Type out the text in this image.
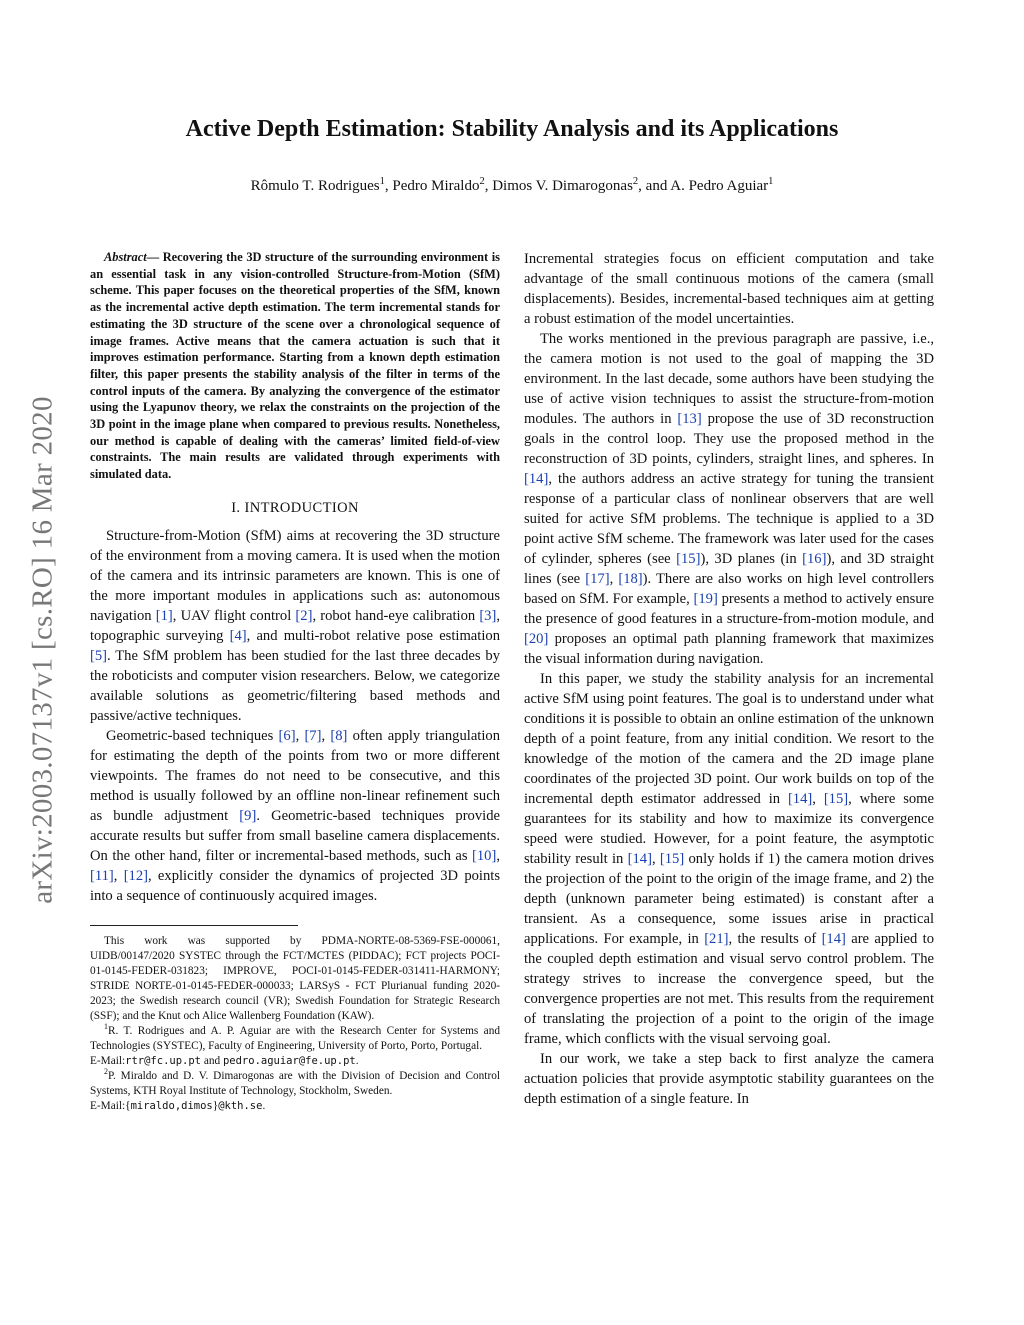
arXiv:2003.07137v1 [cs.RO] 16 Mar 2020
Active Depth Estimation: Stability Analysis and its Applications
Rômulo T. Rodrigues$^1$, Pedro Miraldo$^2$, Dimos V. Dimarogonas$^2$, and A. Pedro Aguiar$^1$

Abstract— Recovering the 3D structure of the surrounding environment is an essential task in any vision-controlled Structure-from-Motion (SfM) scheme. This paper focuses on the theoretical properties of the SfM, known as the incremental active depth estimation. The term incremental stands for estimating the 3D structure of the scene over a chronological sequence of image frames. Active means that the camera actuation is such that it improves estimation performance. Starting from a known depth estimation filter, this paper presents the stability analysis of the filter in terms of the control inputs of the camera. By analyzing the convergence of the estimator using the Lyapunov theory, we relax the constraints on the projection of the 3D point in the image plane when compared to previous results. Nonetheless, our method is capable of dealing with the cameras’ limited field-of-view constraints. The main results are validated through experiments with simulated data.

I. INTRODUCTION

Structure-from-Motion (SfM) aims at recovering the 3D structure of the environment from a moving camera. It is used when the motion of the camera and its intrinsic parameters are known. This is one of the more important modules in applications such as: autonomous navigation [1], UAV flight control [2], robot hand-eye calibration [3], topographic surveying [4], and multi-robot relative pose estimation [5]. The SfM problem has been studied for the last three decades by the roboticists and computer vision researchers. Below, we categorize available solutions as geometric/filtering based methods and passive/active techniques.

Geometric-based techniques [6], [7], [8] often apply triangulation for estimating the depth of the points from two or more different viewpoints. The frames do not need to be consecutive, and this method is usually followed by an offline non-linear refinement such as bundle adjustment [9]. Geometric-based techniques provide accurate results but suffer from small baseline camera displacements. On the other hand, filter or incremental-based methods, such as [10], [11], [12], explicitly consider the dynamics of projected 3D points into a sequence of continuously acquired images.

This work was supported by PDMA-NORTE-08-5369-FSE-000061, UIDB/00147/2020 SYSTEC through the FCT/MCTES (PIDDAC); FCT projects POCI-01-0145-FEDER-031823; IMPROVE, POCI-01-0145-FEDER-031411-HARMONY; STRIDE NORTE-01-0145-FEDER-000033; LARSyS - FCT Plurianual funding 2020-2023; the Swedish research council (VR); Swedish Foundation for Strategic Research (SSF); and the Knut och Alice Wallenberg Foundation (KAW).

$^1$R. T. Rodrigues and A. P. Aguiar are with the Research Center for Systems and Technologies (SYSTEC), Faculty of Engineering, University of Porto, Porto, Portugal.

E-Mail:rtr@fc.up.pt and pedro.aguiar@fe.up.pt.

$^2$P. Miraldo and D. V. Dimarogonas are with the Division of Decision and Control Systems, KTH Royal Institute of Technology, Stockholm, Sweden.

E-Mail:{miraldo,dimos}@kth.se.

Incremental strategies focus on efficient computation and take advantage of the small continuous motions of the camera (small displacements). Besides, incremental-based techniques aim at getting a robust estimation of the model uncertainties.

The works mentioned in the previous paragraph are passive, i.e., the camera motion is not used to the goal of mapping the 3D environment. In the last decade, some authors have been studying the use of active vision techniques to assist the structure-from-motion modules. The authors in [13] propose the use of 3D reconstruction goals in the control loop. They use the proposed method in the reconstruction of 3D points, cylinders, straight lines, and spheres. In [14], the authors address an active strategy for tuning the transient response of a particular class of nonlinear observers that are well suited for active SfM problems. The technique is applied to a 3D point active SfM scheme. The framework was later used for the cases of cylinder, spheres (see [15]), 3D planes (in [16]), and 3D straight lines (see [17], [18]). There are also works on high level controllers based on SfM. For example, [19] presents a method to actively ensure the presence of good features in a structure-from-motion module, and [20] proposes an optimal path planning framework that maximizes the visual information during navigation.

In this paper, we study the stability analysis for an incremental active SfM using point features. The goal is to understand under what conditions it is possible to obtain an online estimation of the unknown depth of a point feature, from any initial condition. We resort to the knowledge of the motion of the camera and the 2D image plane coordinates of the projected 3D point. Our work builds on top of the incremental depth estimator addressed in [14], [15], where some guarantees for its stability and how to maximize its convergence speed were studied. However, for a point feature, the asymptotic stability result in [14], [15] only holds if 1) the camera motion drives the projection of the point to the origin of the image frame, and 2) the depth (unknown parameter being estimated) is constant after a transient. As a consequence, some issues arise in practical applications. For example, in [21], the results of [14] are applied to the coupled depth estimation and visual servo control problem. The strategy strives to increase the convergence speed, but the convergence properties are not met. This results from the requirement of translating the projection of a point to the origin of the image frame, which conflicts with the visual servoing goal.

In our work, we take a step back to first analyze the camera actuation policies that provide asymptotic stability guarantees on the depth estimation of a single feature. In
